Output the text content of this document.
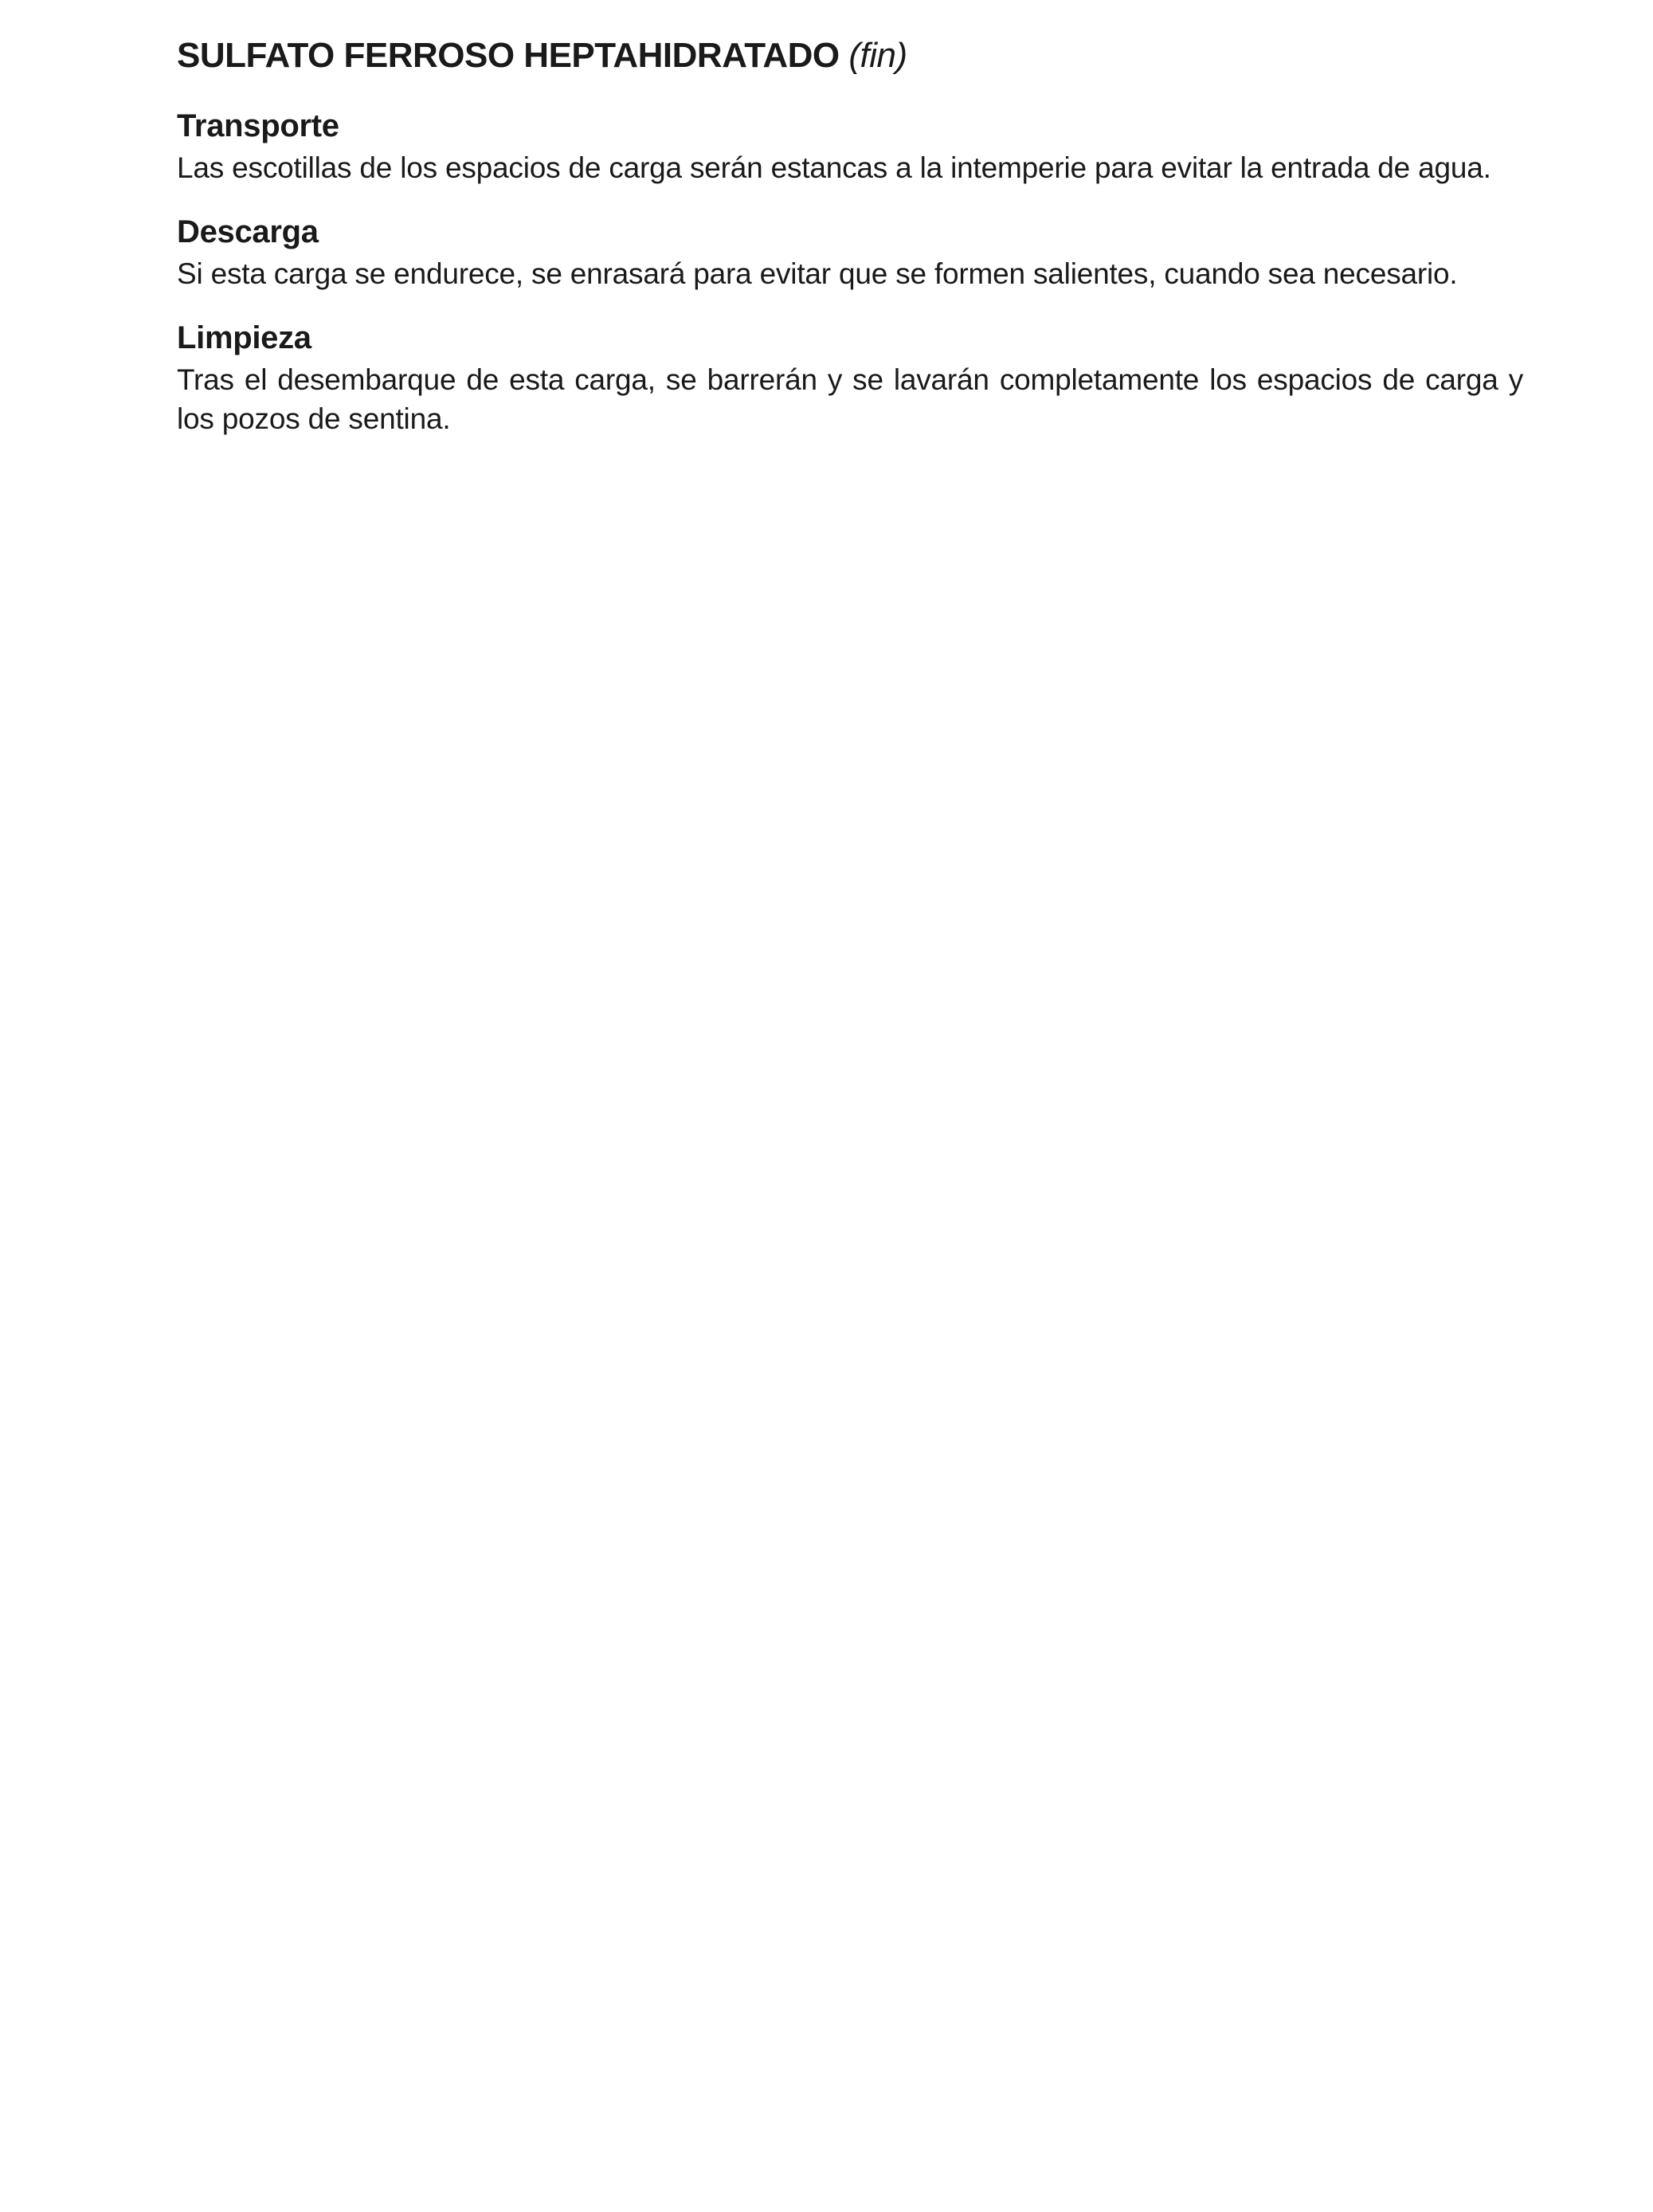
SULFATO FERROSO HEPTAHIDRATADO (fin)
Transporte

Las escotillas de los espacios de carga serán estancas a la intemperie para evitar la entrada de agua.

Descarga

Si esta carga se endurece, se enrasará para evitar que se formen salientes, cuando sea necesario.

Limpieza

Tras el desembarque de esta carga, se barrerán y se lavarán completamente los espacios de carga y los pozos de sentina.
